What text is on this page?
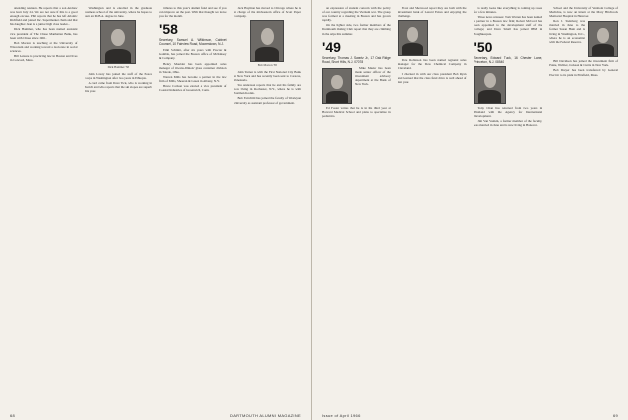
attending reunion. He reports that a son Andrew was born July 24. We are not sure if this is a good enough excuse. Phil reports that he has left Atlantic Richfield and joined Inc. Supermarket chain and that his daughter Jean is a junior high class leader...

Dick Hammer, who has been named assistant vice president of The Chase Manhattan Bank, has been with Chase since 1961.

Bob Morton is teaching at the University of Wisconsin and working toward a doctorate in social sciences.

Bill Leisure is practicing law in Boston and lives in Concord, Mass.

Washington and is enrolled in the graduate business school of the university, where he hopes to earn an M.B.A. degree in June.

Dick Hammer '58

John Lawry has joined the staff of the Peace Corps in Washington after two years in Ethiopia.

A card came from Dave Tick, who is working in Zurich and who reports that the ski slopes are superb this year.

tributes to this year's alumni fund and see if you can improve on the past. With that thought we leave you for the month.

'58
Secretary, Samuel A. Wilkinson, Cabinet Counsel, 10 Fairview Road, Moorestown, N.J.

Emil Schmitt, after six years with Procter & Gamble, has joined the Boston office of McKinsey & Company.

Henry Moulder has been appointed sales manager of Owens-Illinois' glass container division in Toledo, Ohio.

Warren Mills has become a partner in the law firm of Mills, Sheeran & Green in Albany, N.Y.

Bruce Carlson was elected a vice president of Coastal Industries of Greenwich, Conn.

Jack Hayman has moved to Chicago where he is in charge of the midwestern office of Scott Paper Company.

Bob Morton '58

John Turner is with the First National City Bank in New York and has recently been sent to Caracas, Venezuela.

Stu Anderson reports that he and his family are now living in Rochester, N.Y., where he is with Eastman Kodak.

Bob Fairchild has joined the faculty of Wesleyan University as assistant professor of government.

68	DARTMOUTH ALUMNI MAGAZINE

an expression of student concern with the policy of our country regarding the Vietnam war. The group was formed at a meeting in Boston and has grown rapidly.

On the lighter side, two former members of the Dartmouth Outing Club report that they are climbing in the Alps this summer.

'49
Secretary, Thomas J. Swartz Jr., 17 Oak Ridge Road, Short Hills, N.J. 07078

Mike Mazur has been made senior officer of the investment advisory department at the Bank of New York.

Ed Foster writes that he is in his third year at Harvard Medical School and plans to specialize in pediatrics.

Frost and Sherwood report they are both with the investment bank of Lazard Frères and enjoying the challenge.

Pete Robinson has been named regional sales manager for the Dow Chemical Company in Cleveland.

I checked in with our class president Bob Ryan and learned that the class fund drive is well ahead of last year.

is really looks like everything is coming up roses for a few minutes.

Three news releases: Tom Warren has been named a partner in a Boston law firm; Robert McCord has been appointed to the development staff of the College; and Dave Small has joined IBM in Poughkeepsie.

'50
Secretary, Edward Tuck, 16 Chester Lane, Princeton, N.J. 08540

Tony Chan has returned from two years in Thailand with the Agency for International Development.

Jim Van Vonkin, a former member of the faculty, was married in June and is now living in Hanover.

School and the University of Vermont College of Medicine, is now an intern at the Mary Hitchcock Memorial Hospital in Hanover.

Ron J. Steinberg was married in June to the former Susan Hunt and is living in Washington, D.C., where he is an economist with the Federal Reserve.

Bill Davidson has joined the investment firm of Paine, Webber, Jackson & Curtis in New York.

Bob Dreyer has been transferred by General Electric to its plant in Pittsfield, Mass.

Issue of April 1966	69
